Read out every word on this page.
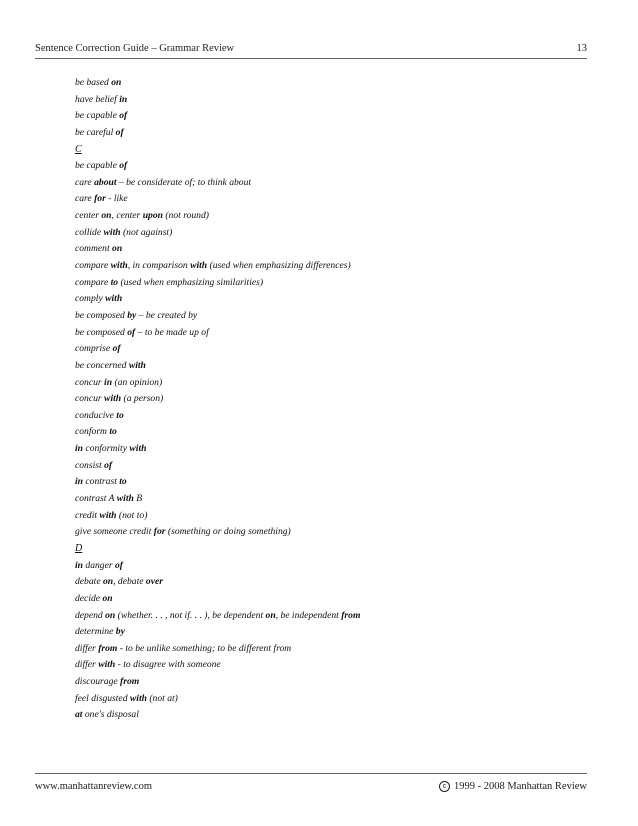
Sentence Correction Guide – Grammar Review	13
be based on
have belief in
be capable of
be careful of
C
be capable of
care about – be considerate of; to think about
care for - like
center on, center upon (not round)
collide with (not against)
comment on
compare with, in comparison with (used when emphasizing differences)
compare to (used when emphasizing similarities)
comply with
be composed by – be created by
be composed of – to be made up of
comprise of
be concerned with
concur in (an opinion)
concur with (a person)
conducive to
conform to
in conformity with
consist of
in contrast to
contrast A with B
credit with (not to)
give someone credit for (something or doing something)
D
in danger of
debate on, debate over
decide on
depend on (whether. . . , not if. . . ), be dependent on, be independent from
determine by
differ from - to be unlike something; to be different from
differ with - to disagree with someone
discourage from
feel disgusted with (not at)
at one's disposal
www.manhattanreview.com	c 1999 - 2008 Manhattan Review
